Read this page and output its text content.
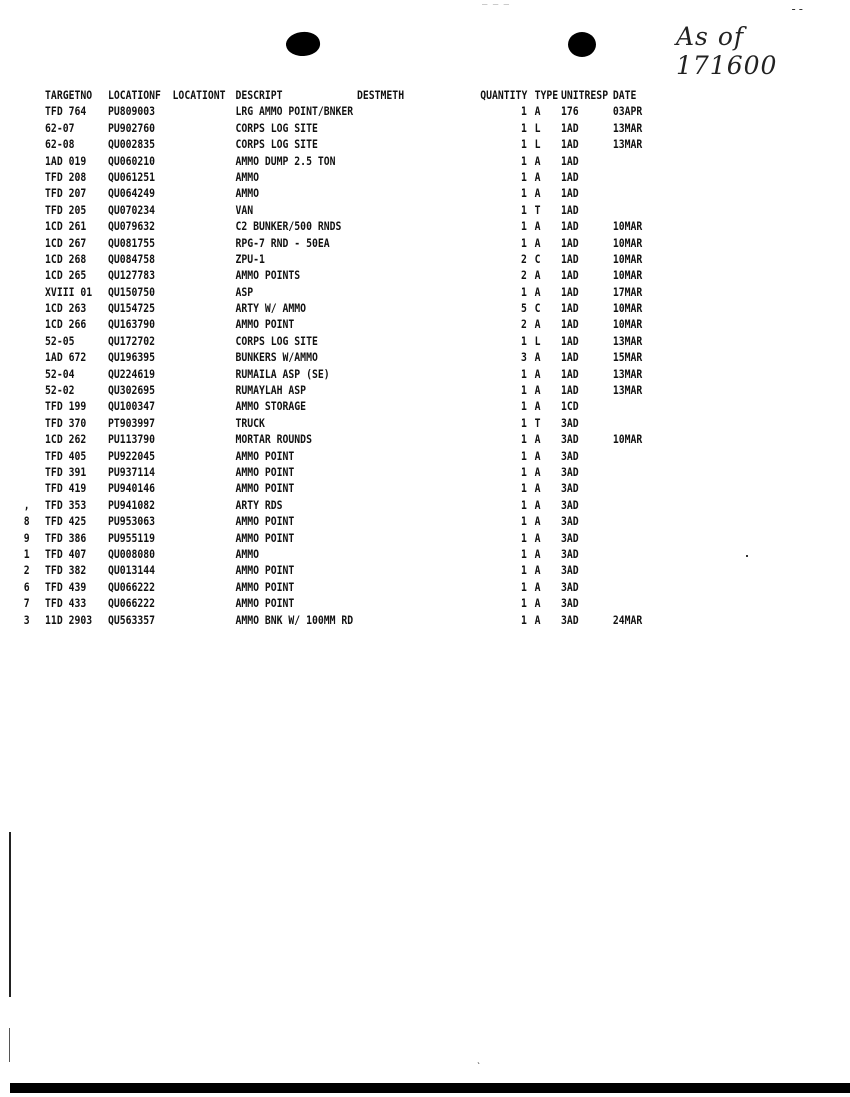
--
– – –
As of 171600
TARGETNO LOCATIONF LOCATIONT DESCRIPT	DESTMETH	QUANTITY TYPE UNITRESP DATE
TFD 764 PU809003	LRG AMMO POINT/BNKER	1 A 176	03APR
62-07	PU902760	CORPS LOG SITE	1 L 1AD	13MAR
62-08	QU002835	CORPS LOG SITE	1 L 1AD	13MAR
1AD 019 QU060210	AMMO DUMP 2.5 TON	1 A 1AD
TFD 208 QU061251	AMMO	1 A 1AD
TFD 207 QU064249	AMMO	1 A 1AD
TFD 205 QU070234	VAN	1 T 1AD
1CD 261 QU079632	C2 BUNKER/500 RNDS	1 A 1AD	10MAR
1CD 267 QU081755	RPG-7 RND - 50EA	1 A 1AD	10MAR
1CD 268 QU084758	ZPU-1	2 C 1AD	10MAR
1CD 265 QU127783	AMMO POINTS	2 A 1AD	10MAR
XVIII 01 QU150750	ASP	1 A 1AD	17MAR
1CD 263 QU154725	ARTY W/ AMMO	5 C 1AD	10MAR
1CD 266 QU163790	AMMO POINT	2 A 1AD	10MAR
52-05	QU172702	CORPS LOG SITE	1 L 1AD	13MAR
1AD 672 QU196395	BUNKERS W/AMMO	3 A 1AD	15MAR
52-04	QU224619	RUMAILA ASP (SE)	1 A 1AD	13MAR
52-02	QU302695	RUMAYLAH ASP	1 A 1AD	13MAR
TFD 199 QU100347	AMMO STORAGE	1 A 1CD
TFD 370 PT903997	TRUCK	1 T 3AD
1CD 262 PU113790	MORTAR ROUNDS	1 A 3AD	10MAR
TFD 405 PU922045	AMMO POINT	1 A 3AD
TFD 391 PU937114	AMMO POINT	1 A 3AD
TFD 419 PU940146	AMMO POINT	1 A 3AD
,	TFD 353 PU941082	ARTY RDS	1 A 3AD
8	TFD 425 PU953063	AMMO POINT	1 A 3AD
9	TFD 386 PU955119	AMMO POINT	1 A 3AD
1	TFD 407 QU008080	AMMO	1 A 3AD
2	TFD 382 QU013144	AMMO POINT	1 A 3AD
6	TFD 439 QU066222	AMMO POINT	1 A 3AD
7	TFD 433 QU066222	AMMO POINT	1 A 3AD
3	11D 2903 QU563357	AMMO BNK W/ 100MM RD	1 A 3AD	24MAR
ˋ
